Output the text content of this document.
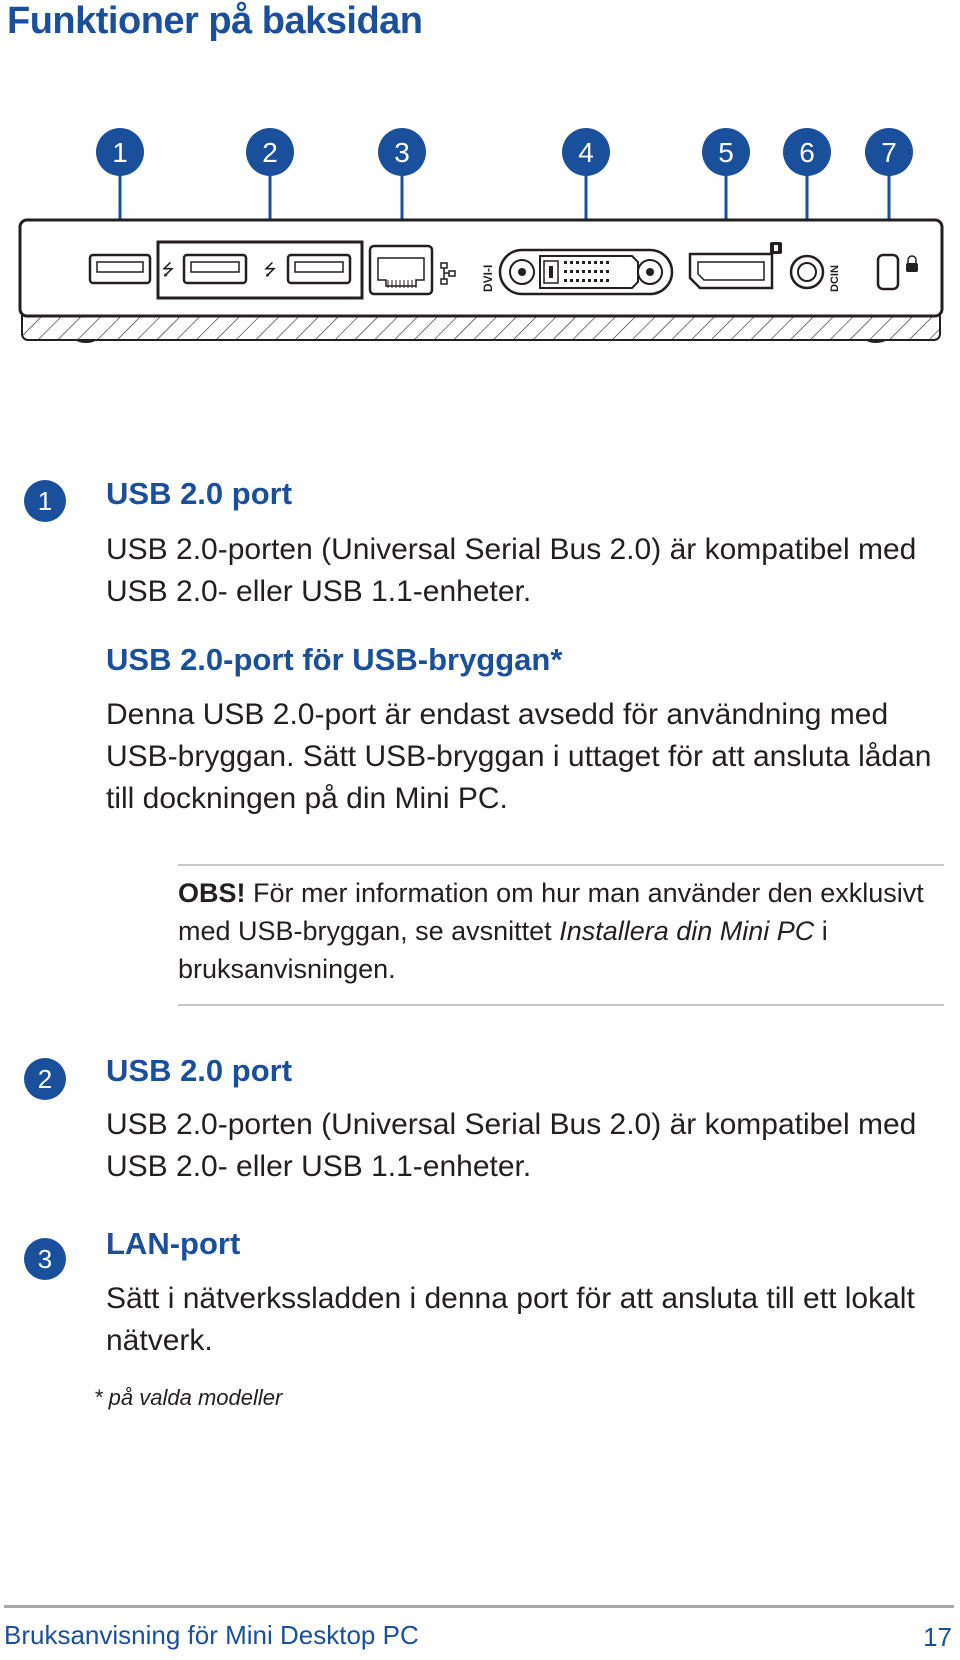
Funktioner på baksidan
1	2	3	4	5 6 7
⭍	⭍	DVI-I	DCIN
1	USB 2.0 port
USB 2.0-porten (Universal Serial Bus 2.0) är kompatibel med USB 2.0- eller USB 1.1-enheter.
USB 2.0-port för USB-bryggan*
Denna USB 2.0-port är endast avsedd för användning med USB-bryggan. Sätt USB-bryggan i uttaget för att ansluta lådan till dockningen på din Mini PC.
OBS! För mer information om hur man använder den exklusivt med USB-bryggan, se avsnittet Installera din Mini PC i bruksanvisningen.
2	USB 2.0 port
USB 2.0-porten (Universal Serial Bus 2.0) är kompatibel med USB 2.0- eller USB 1.1-enheter.
3	LAN-port
Sätt i nätverkssladden i denna port för att ansluta till ett lokalt nätverk.
* på valda modeller
Bruksanvisning för Mini Desktop PC	17
